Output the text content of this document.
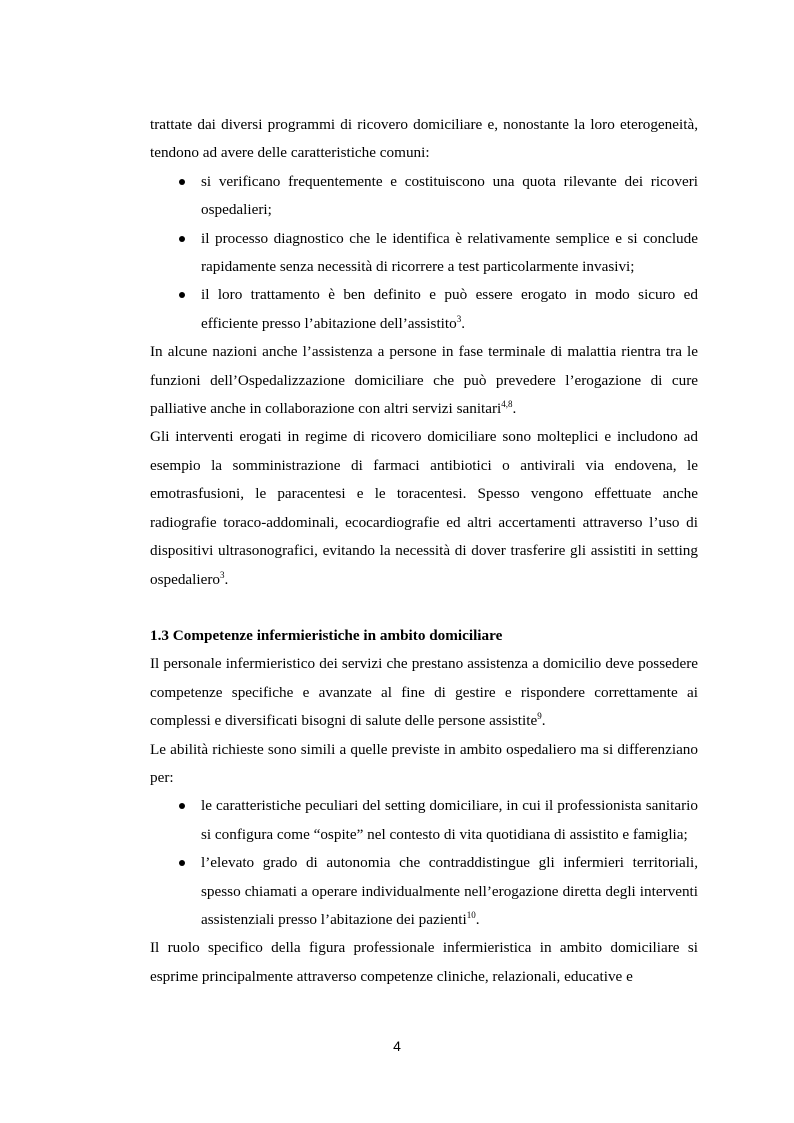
trattate dai diversi programmi di ricovero domiciliare e, nonostante la loro eterogeneità, tendono ad avere delle caratteristiche comuni:

si verificano frequentemente e costituiscono una quota rilevante dei ricoveri ospedalieri;
il processo diagnostico che le identifica è relativamente semplice e si conclude rapidamente senza necessità di ricorrere a test particolarmente invasivi;
il loro trattamento è ben definito e può essere erogato in modo sicuro ed efficiente presso l’abitazione dell’assistito$^3$.

In alcune nazioni anche l’assistenza a persone in fase terminale di malattia rientra tra le funzioni dell’Ospedalizzazione domiciliare che può prevedere l’erogazione di cure palliative anche in collaborazione con altri servizi sanitari$^{4,8}$.

Gli interventi erogati in regime di ricovero domiciliare sono molteplici e includono ad esempio la somministrazione di farmaci antibiotici o antivirali via endovena, le emotrasfusioni, le paracentesi e le toracentesi. Spesso vengono effettuate anche radiografie toraco-addominali, ecocardiografie ed altri accertamenti attraverso l’uso di dispositivi ultrasonografici, evitando la necessità di dover trasferire gli assistiti in setting ospedaliero$^3$.

1.3 Competenze infermieristiche in ambito domiciliare

Il personale infermieristico dei servizi che prestano assistenza a domicilio deve possedere competenze specifiche e avanzate al fine di gestire e rispondere correttamente ai complessi e diversificati bisogni di salute delle persone assistite$^9$.

Le abilità richieste sono simili a quelle previste in ambito ospedaliero ma si differenziano per:

le caratteristiche peculiari del setting domiciliare, in cui il professionista sanitario si configura come “ospite” nel contesto di vita quotidiana di assistito e famiglia;
l’elevato grado di autonomia che contraddistingue gli infermieri territoriali, spesso chiamati a operare individualmente nell’erogazione diretta degli interventi assistenziali presso l’abitazione dei pazienti$^{10}$.

Il ruolo specifico della figura professionale infermieristica in ambito domiciliare si esprime principalmente attraverso competenze cliniche, relazionali, educative e

4
